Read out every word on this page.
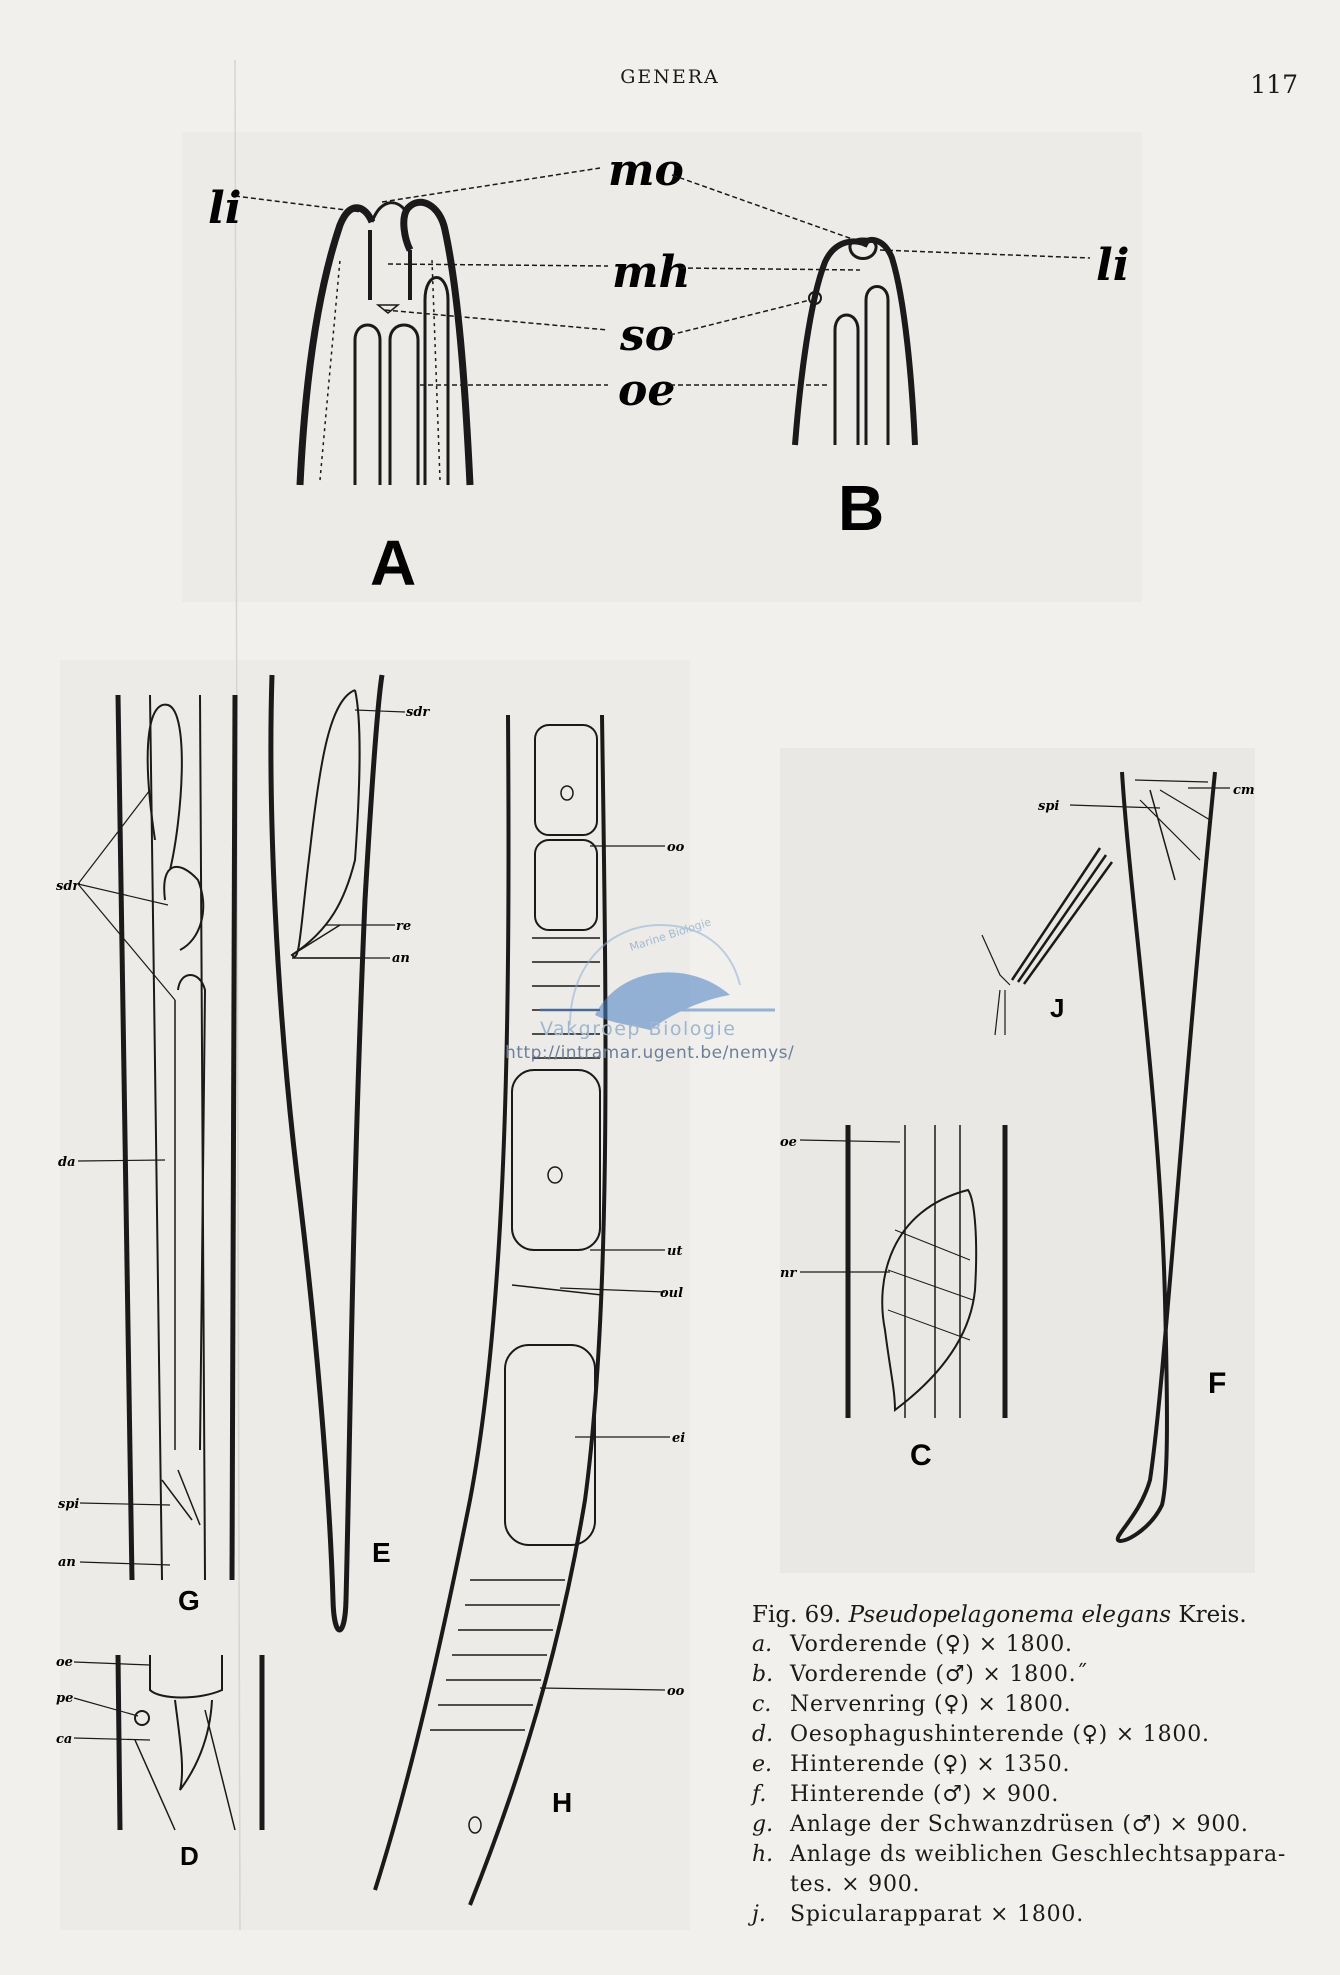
GENERA	117
li
mo
mh
so
oe
A
li
B
sdr
da
spi
an
G
sdr
re
an
E
oo
ut
oul
ei
oo
H
oe
pe
ca
D
J
spi
cm
F
oe
nr
C
Marine Biologie
Vakgroep Biologie
http://intramar.ugent.be/nemys/
Fig. 69. Pseudopelagonema elegans Kreis.
a. Vorderende (♀) × 1800.
b. Vorderende (♂) × 1800.˝
c. Nervenring (♀) × 1800.
d. Oesophagushinterende (♀) × 1800.
e. Hinterende (♀) × 1350.
f.	Hinterende (♂) × 900.
g. Anlage der Schwanzdrüsen (♂) × 900.
h. Anlage ds weiblichen Geschlechtsappara-tes. × 900.
j.	Spicularapparat × 1800.
